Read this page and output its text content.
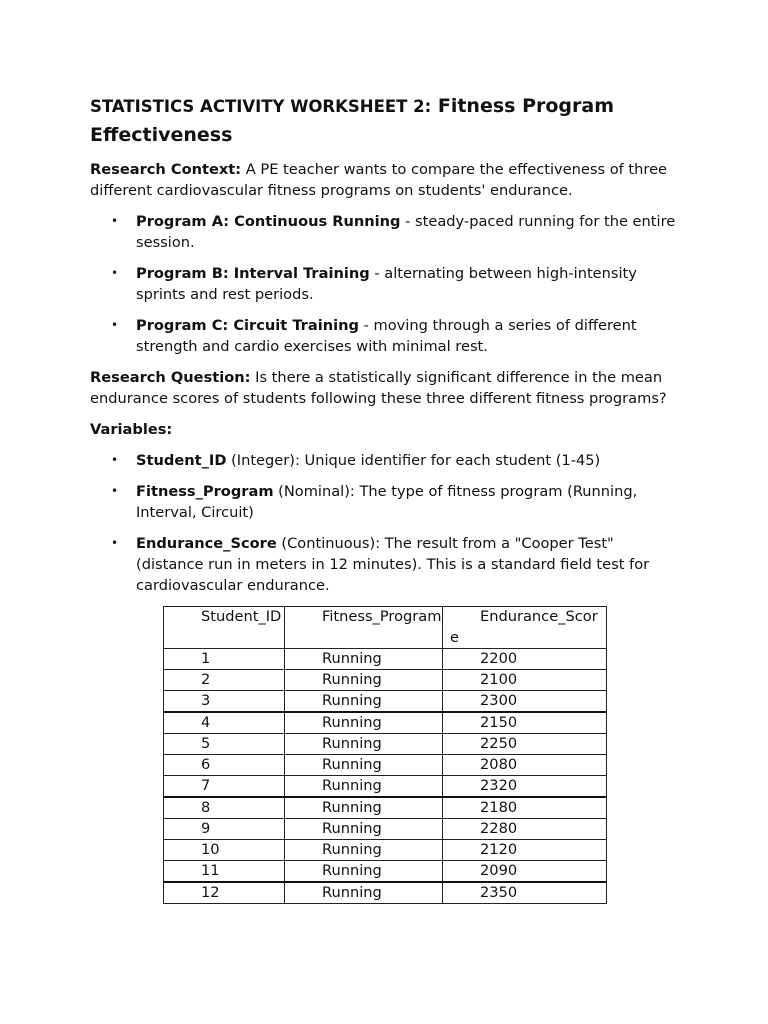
STATISTICS ACTIVITY WORKSHEET 2: Fitness Program Effectiveness

Research Context: A PE teacher wants to compare the effectiveness of three different cardiovascular fitness programs on students' endurance.

• Program A: Continuous Running - steady-paced running for the entire session.
• Program B: Interval Training - alternating between high-intensity sprints and rest periods.
• Program C: Circuit Training - moving through a series of different strength and cardio exercises with minimal rest.

Research Question: Is there a statistically significant difference in the mean endurance scores of students following these three different fitness programs?

Variables:

• Student_ID (Integer): Unique identifier for each student (1-45)
• Fitness_Program (Nominal): The type of fitness program (Running, Interval, Circuit)
• Endurance_Score (Continuous): The result from a "Cooper Test" (distance run in meters in 12 minutes). This is a standard field test for cardiovascular endurance.
Student_ID	Fitness_Program	Endurance_Score
1	Running	2200
2	Running	2100
3	Running	2300
4	Running	2150
5	Running	2250
6	Running	2080
7	Running	2320
8	Running	2180
9	Running	2280
10	Running	2120
11	Running	2090
12	Running	2350
